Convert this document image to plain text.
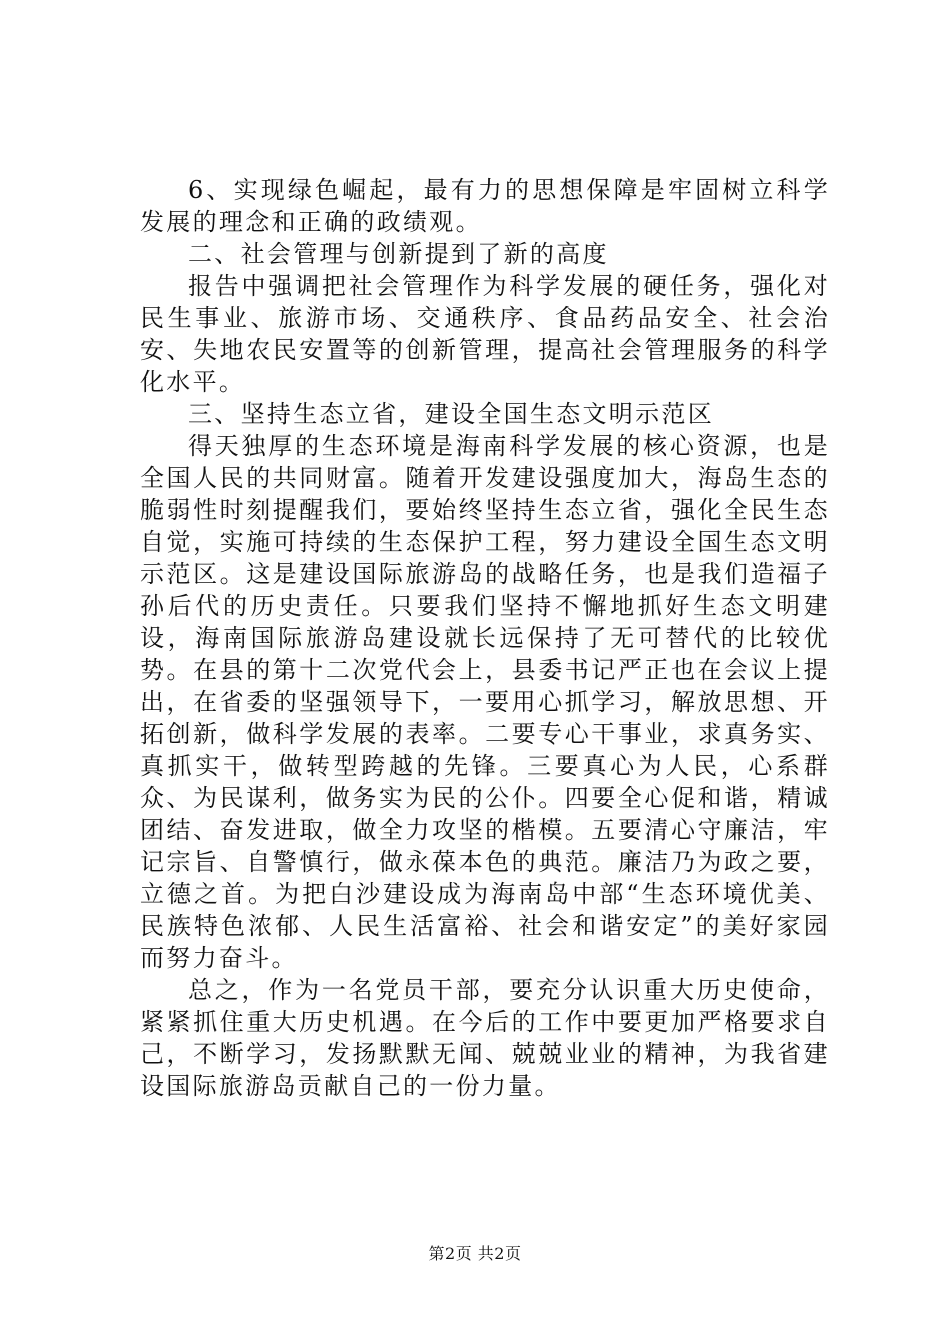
6、实现绿色崛起，最有力的思想保障是牢固树立科学发展的理念和正确的政绩观。

二、社会管理与创新提到了新的高度

报告中强调把社会管理作为科学发展的硬任务，强化对民生事业、旅游市场、交通秩序、食品药品安全、社会治安、失地农民安置等的创新管理，提高社会管理服务的科学化水平。

三、坚持生态立省，建设全国生态文明示范区

得天独厚的生态环境是海南科学发展的核心资源，也是全国人民的共同财富。随着开发建设强度加大，海岛生态的脆弱性时刻提醒我们，要始终坚持生态立省，强化全民生态自觉，实施可持续的生态保护工程，努力建设全国生态文明示范区。这是建设国际旅游岛的战略任务，也是我们造福子孙后代的历史责任。只要我们坚持不懈地抓好生态文明建设，海南国际旅游岛建设就长远保持了无可替代的比较优势。在县的第十二次党代会上，县委书记严正也在会议上提出，在省委的坚强领导下，一要用心抓学习，解放思想、开拓创新，做科学发展的表率。二要专心干事业，求真务实、真抓实干，做转型跨越的先锋。三要真心为人民，心系群众、为民谋利，做务实为民的公仆。四要全心促和谐，精诚团结、奋发进取，做全力攻坚的楷模。五要清心守廉洁，牢记宗旨、自警慎行，做永葆本色的典范。廉洁乃为政之要，立德之首。为把白沙建设成为海南岛中部“生态环境优美、民族特色浓郁、人民生活富裕、社会和谐安定”的美好家园而努力奋斗。

总之，作为一名党员干部，要充分认识重大历史使命，紧紧抓住重大历史机遇。在今后的工作中要更加严格要求自己，不断学习，发扬默默无闻、兢兢业业的精神，为我省建设国际旅游岛贡献自己的一份力量。

第2页 共2页
